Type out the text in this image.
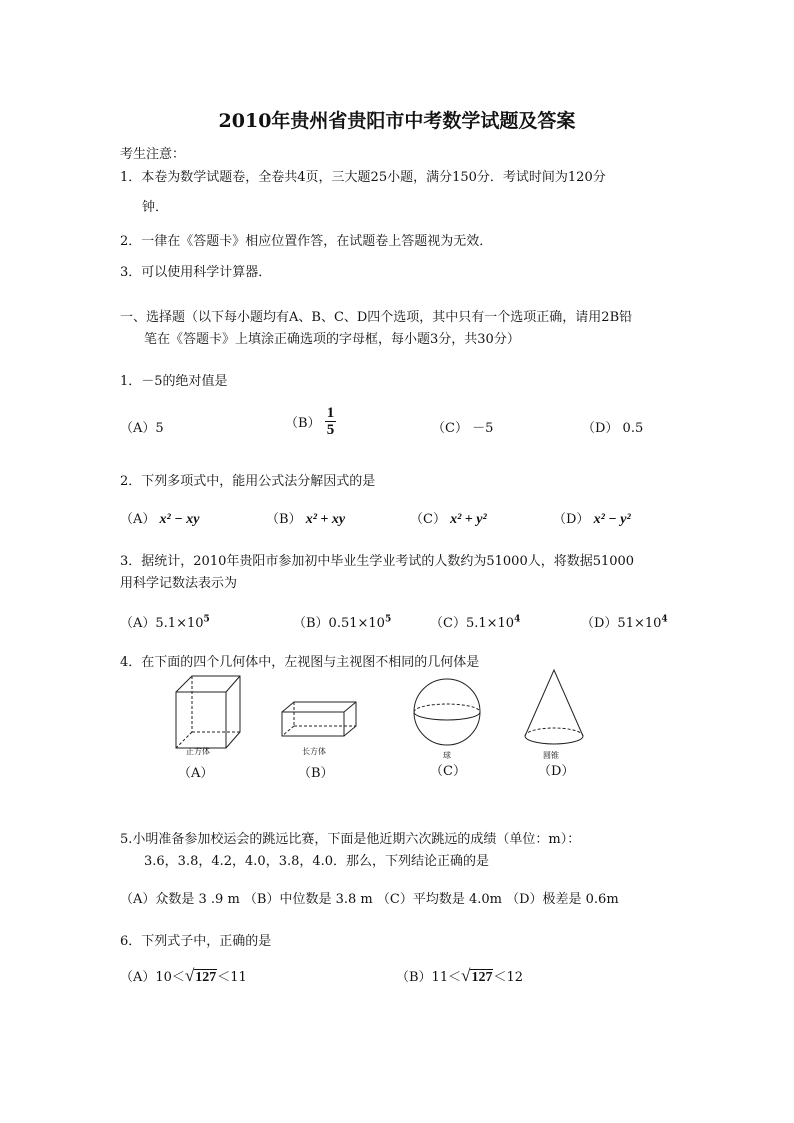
2010年贵州省贵阳市中考数学试题及答案
考生注意：
1．本卷为数学试题卷，全卷共4页，三大题25小题，满分150分．考试时间为120分
钟．
2．一律在《答题卡》相应位置作答，在试题卷上答题视为无效．
3．可以使用科学计算器．
一、选择题（以下每小题均有A、B、C、D四个选项，其中只有一个选项正确，请用2B铅
笔在《答题卡》上填涂正确选项的字母框，每小题3分，共30分）
1．－5的绝对值是
（A）5	$(B) \frac{1}{5}$	（C） －5	（D） 0.5
2．下列多项式中，能用公式法分解因式的是
（A） x² − xy	（B） x² + xy	（C） x² + y²	（D） x² − y²
3．据统计，2010年贵阳市参加初中毕业生学业考试的人数约为51000人，将数据51000
用科学记数法表示为
$(A)5.1\times 10^5$	$(B)0.51\times 10^5$	$(C)5.1\times 10^4$	$(D)51\times 10^4$
4．在下面的四个几何体中，左视图与主视图不相同的几何体是
正方体
（A）
长方体
（B）
球
（C）
圆锥
（D）
5.小明准备参加校运会的跳远比赛，下面是他近期六次跳远的成绩（单位：m）：
3.6，3.8，4.2，4.0，3.8，4.0．那么，下列结论正确的是
（A）众数是 3 .9 m （B）中位数是 3.8 m （C）平均数是 4.0m （D）极差是 0.6m
6．下列式子中，正确的是
（A）10＜√127＜11	（B）11＜√127＜12
